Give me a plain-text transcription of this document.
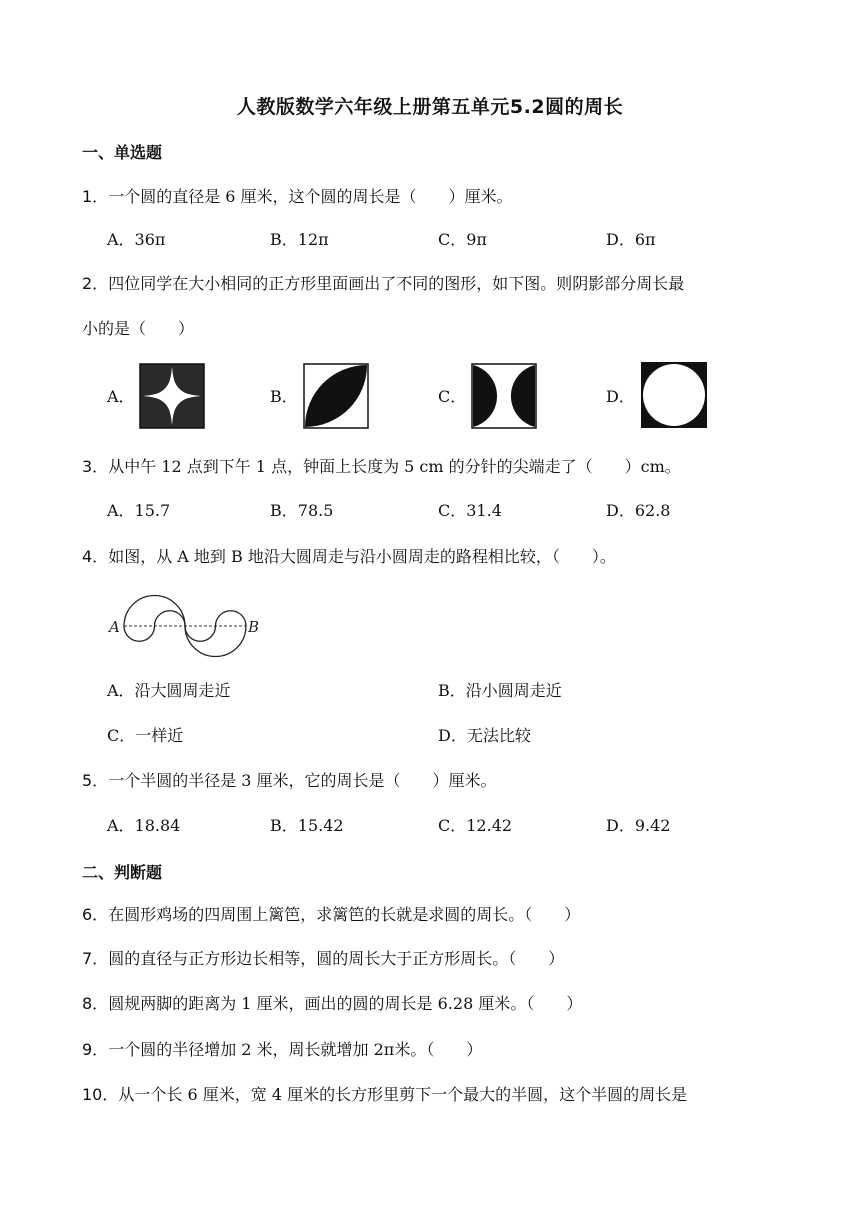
人教版数学六年级上册第五单元5.2圆的周长
一、单选题
1．一个圆的直径是 6 厘米，这个圆的周长是（　　）厘米。
A．36π	B．12π	C．9π	D．6π
2．四位同学在大小相同的正方形里面画出了不同的图形，如下图。则阴影部分周长最
小的是（　　）
A．	B．	C．	D．
3．从中午 12 点到下午 1 点，钟面上长度为 5 cm 的分针的尖端走了（　　）cm。
A．15.7	B．78.5	C．31.4	D．62.8
4．如图，从 A 地到 B 地沿大圆周走与沿小圆周走的路程相比较，（　　）。
A	B
A．沿大圆周走近	B．沿小圆周走近
C．一样近	D．无法比较
5．一个半圆的半径是 3 厘米，它的周长是（　　）厘米。
A．18.84	B．15.42	C．12.42	D．9.42
二、判断题
6．在圆形鸡场的四周围上篱笆，求篱笆的长就是求圆的周长。（　　）
7．圆的直径与正方形边长相等，圆的周长大于正方形周长。（　　）
8．圆规两脚的距离为 1 厘米，画出的圆的周长是 6.28 厘米。（　　）
9．一个圆的半径增加 2 米，周长就增加 2π米。（　　）
10．从一个长 6 厘米，宽 4 厘米的长方形里剪下一个最大的半圆，这个半圆的周长是
